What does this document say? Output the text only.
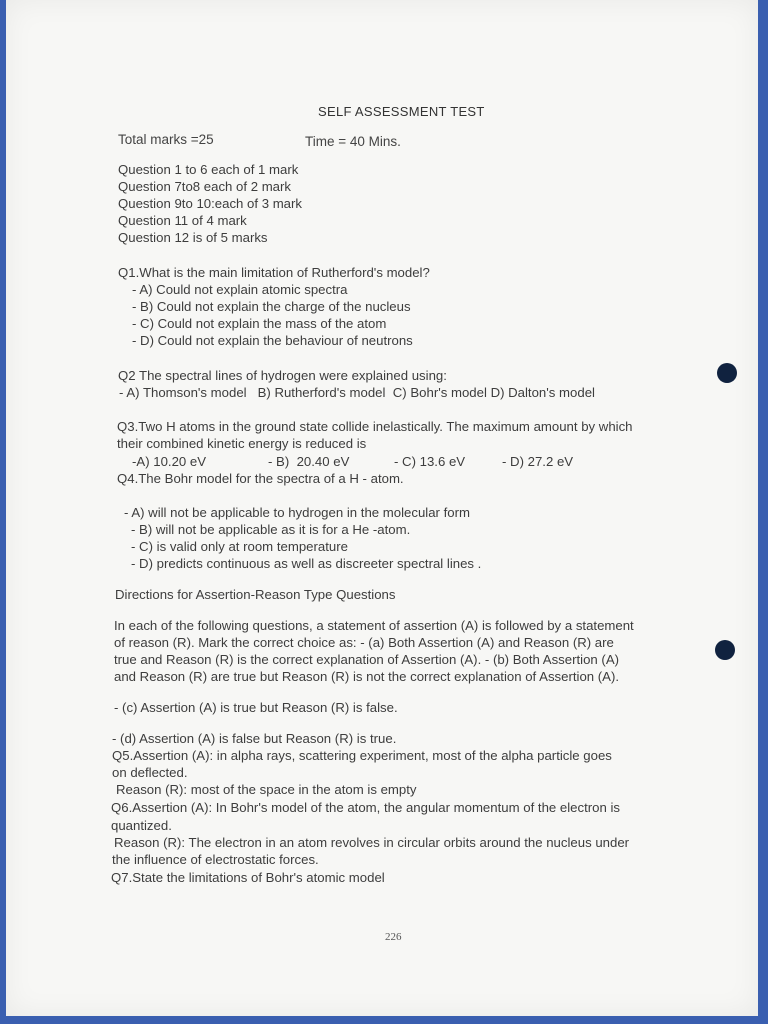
SELF ASSESSMENT TEST
Total marks =25	Time = 40 Mins.
Question 1 to 6 each of 1 mark
Question 7to8 each of 2 mark
Question 9to 10:each of 3 mark
Question 11 of 4 mark
Question 12 is of 5 marks
Q1.What is the main limitation of Rutherford's model?
- A) Could not explain atomic spectra
- B) Could not explain the charge of the nucleus
- C) Could not explain the mass of the atom
- D) Could not explain the behaviour of neutrons
Q2 The spectral lines of hydrogen were explained using:
- A) Thomson's model   B) Rutherford's model  C) Bohr's model D) Dalton's model
Q3.Two H atoms in the ground state collide inelastically. The maximum amount by which
their combined kinetic energy is reduced is
-A) 10.20 eV	- B)  20.40 eV	- C) 13.6 eV	- D) 27.2 eV
Q4.The Bohr model for the spectra of a H - atom.
- A) will not be applicable to hydrogen in the molecular form
- B) will not be applicable as it is for a He -atom.
- C) is valid only at room temperature
- D) predicts continuous as well as discreeter spectral lines .
Directions for Assertion-Reason Type Questions
In each of the following questions, a statement of assertion (A) is followed by a statement
of reason (R). Mark the correct choice as: - (a) Both Assertion (A) and Reason (R) are
true and Reason (R) is the correct explanation of Assertion (A). - (b) Both Assertion (A)
and Reason (R) are true but Reason (R) is not the correct explanation of Assertion (A).
- (c) Assertion (A) is true but Reason (R) is false.
- (d) Assertion (A) is false but Reason (R) is true.
Q5.Assertion (A): in alpha rays, scattering experiment, most of the alpha particle goes
on deflected.
Reason (R): most of the space in the atom is empty
Q6.Assertion (A): In Bohr's model of the atom, the angular momentum of the electron is
quantized.
Reason (R): The electron in an atom revolves in circular orbits around the nucleus under
the influence of electrostatic forces.
Q7.State the limitations of Bohr's atomic model
226
